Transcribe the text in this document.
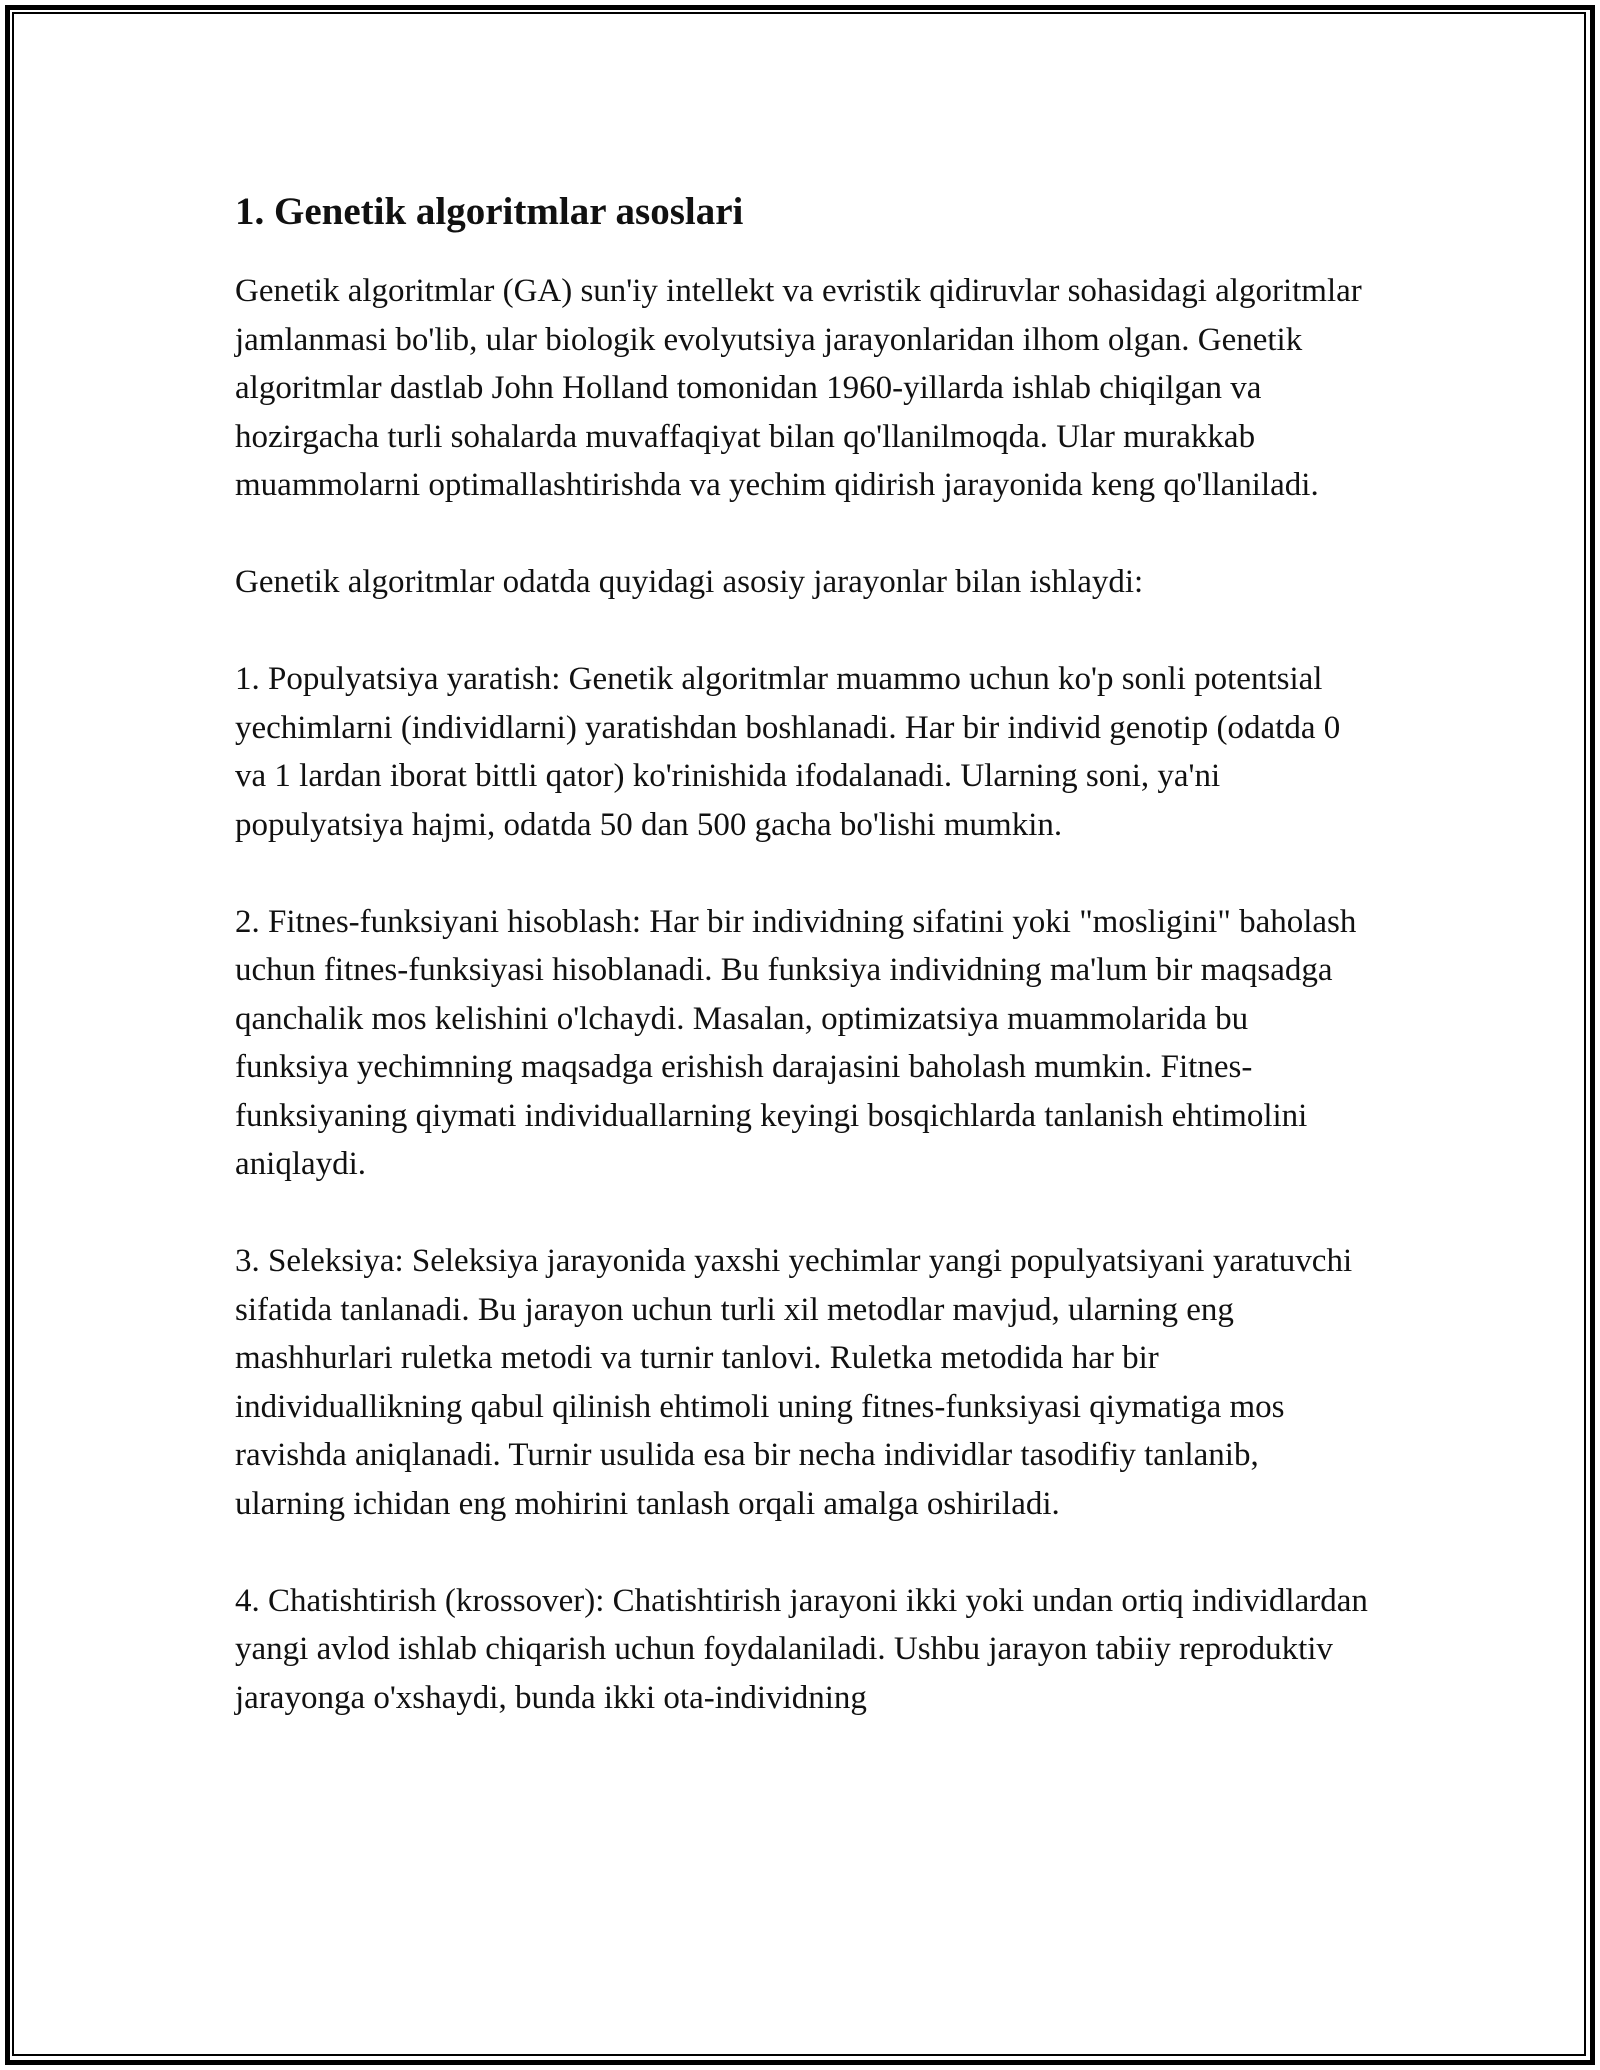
1. Genetik algoritmlar asoslari

Genetik algoritmlar (GA) sun'iy intellekt va evristik qidiruvlar sohasidagi algoritmlar jamlanmasi bo'lib, ular biologik evolyutsiya jarayonlaridan ilhom olgan. Genetik algoritmlar dastlab John Holland tomonidan 1960-yillarda ishlab chiqilgan va hozirgacha turli sohalarda muvaffaqiyat bilan qo'llanilmoqda. Ular murakkab muammolarni optimallashtirishda va yechim qidirish jarayonida keng qo'llaniladi.

Genetik algoritmlar odatda quyidagi asosiy jarayonlar bilan ishlaydi:

1. Populyatsiya yaratish: Genetik algoritmlar muammo uchun ko'p sonli potentsial yechimlarni (individlarni) yaratishdan boshlanadi. Har bir individ genotip (odatda 0 va 1 lardan iborat bittli qator) ko'rinishida ifodalanadi. Ularning soni, ya'ni populyatsiya hajmi, odatda 50 dan 500 gacha bo'lishi mumkin.

2. Fitnes-funksiyani hisoblash: Har bir individning sifatini yoki "mosligini" baholash uchun fitnes-funksiyasi hisoblanadi. Bu funksiya individning ma'lum bir maqsadga qanchalik mos kelishini o'lchaydi. Masalan, optimizatsiya muammolarida bu funksiya yechimning maqsadga erishish darajasini baholash mumkin. Fitnes-funksiyaning qiymati individuallarning keyingi bosqichlarda tanlanish ehtimolini aniqlaydi.

3. Seleksiya: Seleksiya jarayonida yaxshi yechimlar yangi populyatsiyani yaratuvchi sifatida tanlanadi. Bu jarayon uchun turli xil metodlar mavjud, ularning eng mashhurlari ruletka metodi va turnir tanlovi. Ruletka metodida har bir individuallikning qabul qilinish ehtimoli uning fitnes-funksiyasi qiymatiga mos ravishda aniqlanadi. Turnir usulida esa bir necha individlar tasodifiy tanlanib, ularning ichidan eng mohirini tanlash orqali amalga oshiriladi.

4. Chatishtirish (krossover): Chatishtirish jarayoni ikki yoki undan ortiq individlardan yangi avlod ishlab chiqarish uchun foydalaniladi. Ushbu jarayon tabiiy reproduktiv jarayonga o'xshaydi, bunda ikki ota-individning
